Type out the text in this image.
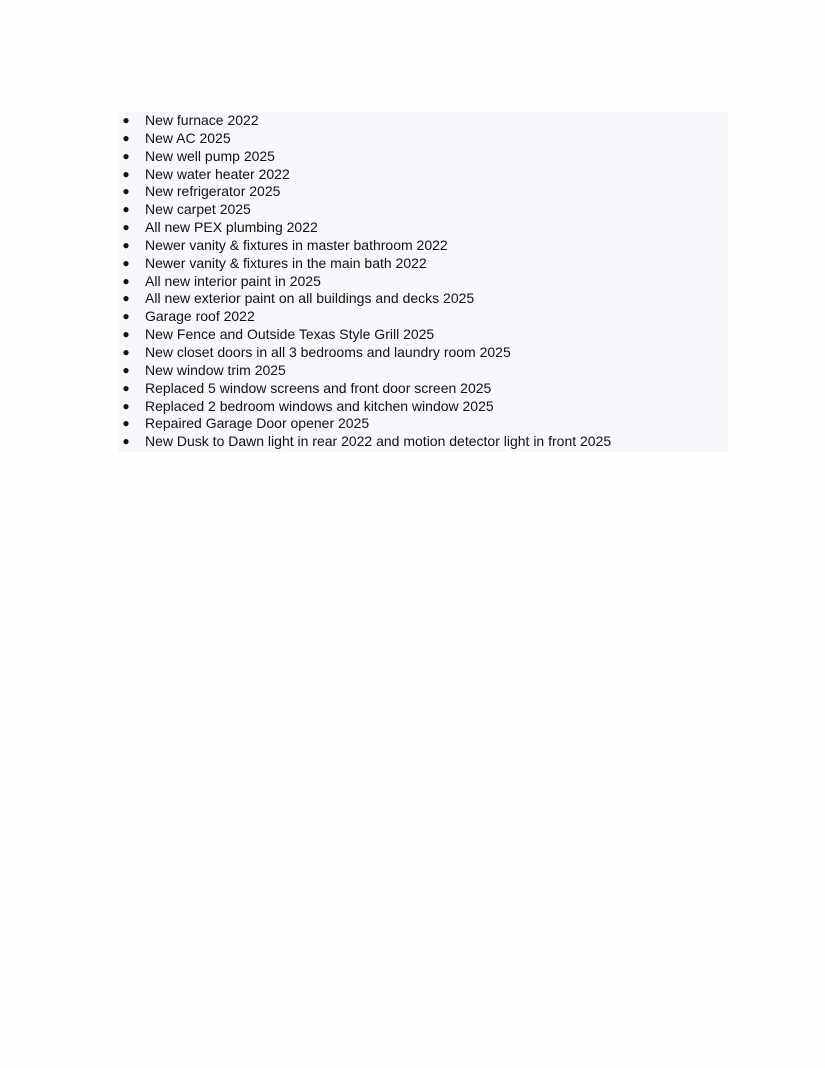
● New furnace 2022
● New AC 2025
● New well pump 2025
● New water heater 2022
● New refrigerator 2025
● New carpet 2025
● All new PEX plumbing 2022
● Newer vanity & fixtures in master bathroom 2022
● Newer vanity & fixtures in the main bath 2022
● All new interior paint in 2025
● All new exterior paint on all buildings and decks 2025
● Garage roof 2022
● New Fence and Outside Texas Style Grill 2025
● New closet doors in all 3 bedrooms and laundry room 2025
● New window trim 2025
● Replaced 5 window screens and front door screen 2025
● Replaced 2 bedroom windows and kitchen window 2025
● Repaired Garage Door opener 2025
● New Dusk to Dawn light in rear 2022 and motion detector light in front 2025
